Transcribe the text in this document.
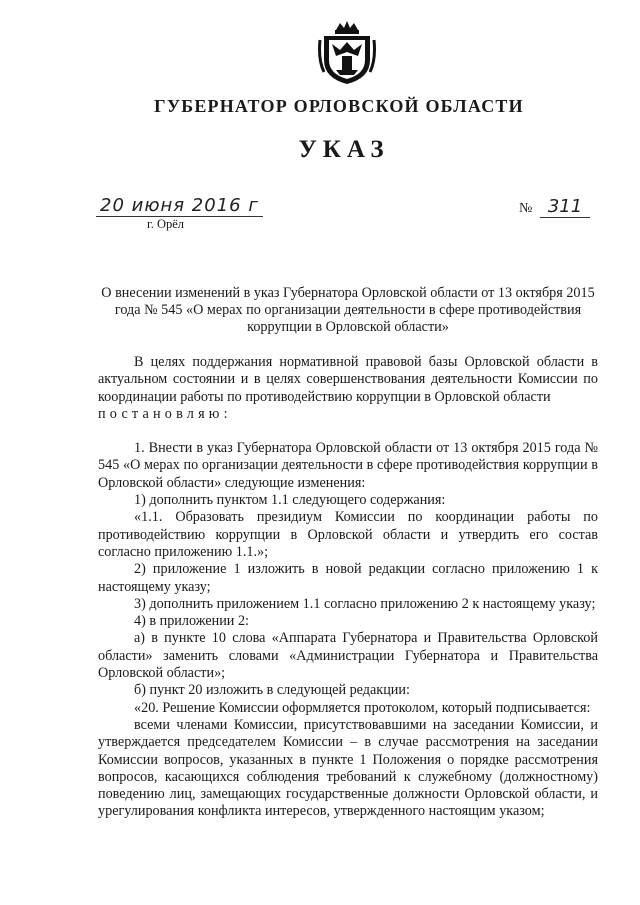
ГУБЕРНАТОР ОРЛОВСКОЙ ОБЛАСТИ
УКАЗ
20 июня 2016 г
г. Орёл
№ 311
О внесении изменений в указ Губернатора Орловской области от 13 октября 2015 года № 545 «О мерах по организации деятельности в сфере противодействия коррупции в Орловской области»

В целях поддержания нормативной правовой базы Орловской области в актуальном состоянии и в целях совершенствования деятельности Комиссии по координации работы по противодействию коррупции в Орловской области

постановляю:

1. Внести в указ Губернатора Орловской области от 13 октября 2015 года № 545 «О мерах по организации деятельности в сфере противодействия коррупции в Орловской области» следующие изменения:

1) дополнить пунктом 1.1 следующего содержания:

«1.1. Образовать президиум Комиссии по координации работы по противодействию коррупции в Орловской области и утвердить его состав согласно приложению 1.1.»;

2) приложение 1 изложить в новой редакции согласно приложению 1 к настоящему указу;

3) дополнить приложением 1.1 согласно приложению 2 к настоящему указу;

4) в приложении 2:

а) в пункте 10 слова «Аппарата Губернатора и Правительства Орловской области» заменить словами «Администрации Губернатора и Правительства Орловской области»;

б) пункт 20 изложить в следующей редакции:

«20. Решение Комиссии оформляется протоколом, который подписывается:

всеми членами Комиссии, присутствовавшими на заседании Комиссии, и утверждается председателем Комиссии – в случае рассмотрения на заседании Комиссии вопросов, указанных в пункте 1 Положения о порядке рассмотрения вопросов, касающихся соблюдения требований к служебному (должностному) поведению лиц, замещающих государственные должности Орловской области, и урегулирования конфликта интересов, утвержденного настоящим указом;
